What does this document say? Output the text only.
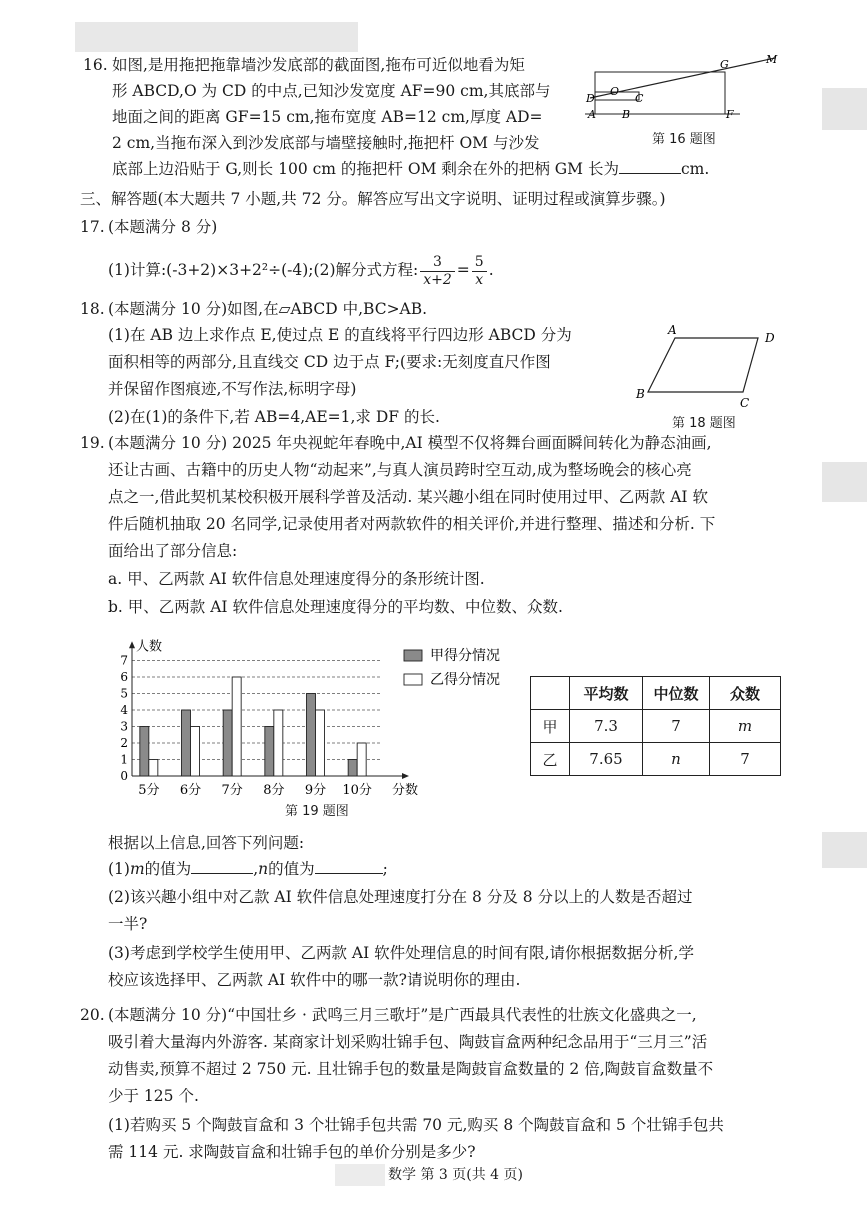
16. 如图,是用拖把拖靠墙沙发底部的截面图,拖布可近似地看为矩
形 ABCD,O 为 CD 的中点,已知沙发宽度 AF=90 cm,其底部与
地面之间的距离 GF=15 cm,拖布宽度 AB=12 cm,厚度 AD=
2 cm,当拖布深入到沙发底部与墙壁接触时,拖把杆 OM 与沙发
底部上边沿贴于 G,则长 100 cm 的拖把杆 OM 剩余在外的把柄 GM 长为	cm.
D
O
C
G	M
A B	F
第 16 题图
三、解答题(本大题共 7 小题,共 72 分。解答应写出文字说明、证明过程或演算步骤。)
17. (本题满分 8 分)
(1)计算:(-3+2)×3+2²÷(-4);(2)解分式方程: $\frac{3}{x+2} = \frac{5}{x}$ .
18. (本题满分 10 分)如图,在▱ABCD 中,BC>AB.
(1)在 AB 边上求作点 E,使过点 E 的直线将平行四边形 ABCD 分为
面积相等的两部分,且直线交 CD 边于点 F;(要求:无刻度直尺作图
并保留作图痕迹,不写作法,标明字母)
(2)在(1)的条件下,若 AB=4,AE=1,求 DF 的长.
A
D
B
C
第 18 题图
19. (本题满分 10 分) 2025 年央视蛇年春晚中,AI 模型不仅将舞台画面瞬间转化为静态油画,
还让古画、古籍中的历史人物“动起来”,与真人演员跨时空互动,成为整场晚会的核心亮
点之一,借此契机某校积极开展科学普及活动. 某兴趣小组在同时使用过甲、乙两款 AI 软
件后随机抽取 20 名同学,记录使用者对两款软件的相关评价,并进行整理、描述和分析. 下
面给出了部分信息:
a. 甲、乙两款 AI 软件信息处理速度得分的条形统计图.
b. 甲、乙两款 AI 软件信息处理速度得分的平均数、中位数、众数.
0
1
2
3
4
5
6
7
人数
分数
5分 6分 7分 8分 9分 10分
甲得分情况
乙得分情况
第 19 题图
	平均数	中位数	众数
甲	7.3	7	m
乙	7.65	n	7
根据以上信息,回答下列问题:
(1)m的值为	,n的值为	;
(2)该兴趣小组中对乙款 AI 软件信息处理速度打分在 8 分及 8 分以上的人数是否超过
一半?
(3)考虑到学校学生使用甲、乙两款 AI 软件处理信息的时间有限,请你根据数据分析,学
校应该选择甲、乙两款 AI 软件中的哪一款?请说明你的理由.
20. (本题满分 10 分)“中国壮乡 · 武鸣三月三歌圩”是广西最具代表性的壮族文化盛典之一,
吸引着大量海内外游客. 某商家计划采购壮锦手包、陶鼓盲盒两种纪念品用于“三月三”活
动售卖,预算不超过 2 750 元. 且壮锦手包的数量是陶鼓盲盒数量的 2 倍,陶鼓盲盒数量不
少于 125 个.
(1)若购买 5 个陶鼓盲盒和 3 个壮锦手包共需 70 元,购买 8 个陶鼓盲盒和 5 个壮锦手包共
需 114 元. 求陶鼓盲盒和壮锦手包的单价分别是多少?
数学 第 3 页(共 4 页)
